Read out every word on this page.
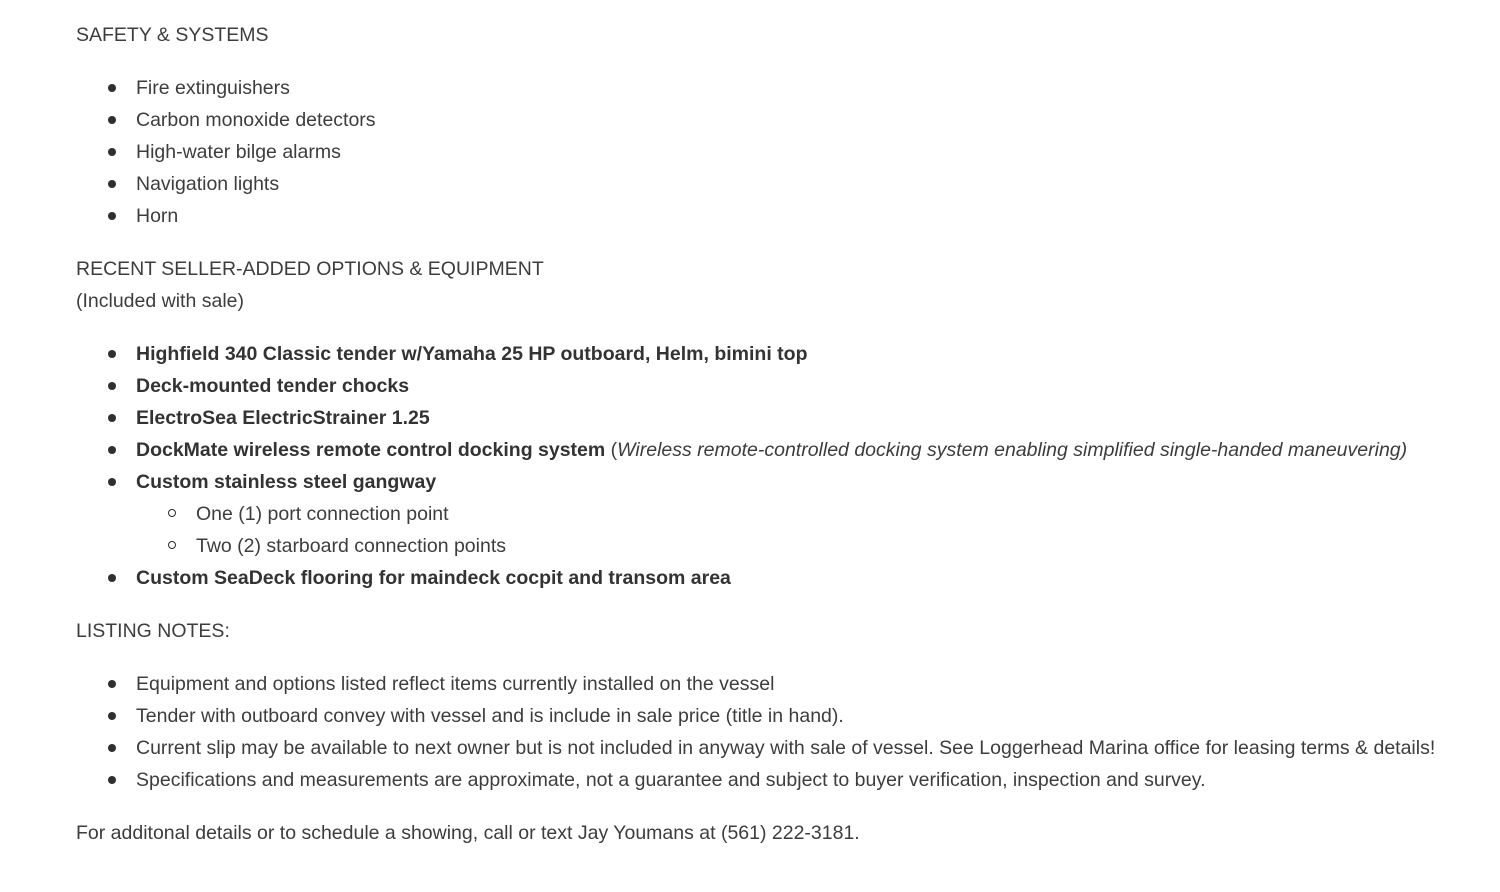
SAFETY & SYSTEMS

Fire extinguishers
Carbon monoxide detectors
High-water bilge alarms
Navigation lights
Horn

RECENT SELLER-ADDED OPTIONS & EQUIPMENT

(Included with sale)

Highfield 340 Classic tender w/Yamaha 25 HP outboard, Helm, bimini top
Deck-mounted tender chocks
ElectroSea ElectricStrainer 1.25
DockMate wireless remote control docking system (Wireless remote-controlled docking system enabling simplified single-handed maneuvering)
Custom stainless steel gangway
One (1) port connection point
Two (2) starboard connection points
Custom SeaDeck flooring for maindeck cocpit and transom area

LISTING NOTES:

Equipment and options listed reflect items currently installed on the vessel
Tender with outboard convey with vessel and is include in sale price (title in hand).
Current slip may be available to next owner but is not included in anyway with sale of vessel. See Loggerhead Marina office for leasing terms & details!
Specifications and measurements are approximate, not a guarantee and subject to buyer verification, inspection and survey.

For additonal details or to schedule a showing, call or text Jay Youmans at (561) 222-3181.
